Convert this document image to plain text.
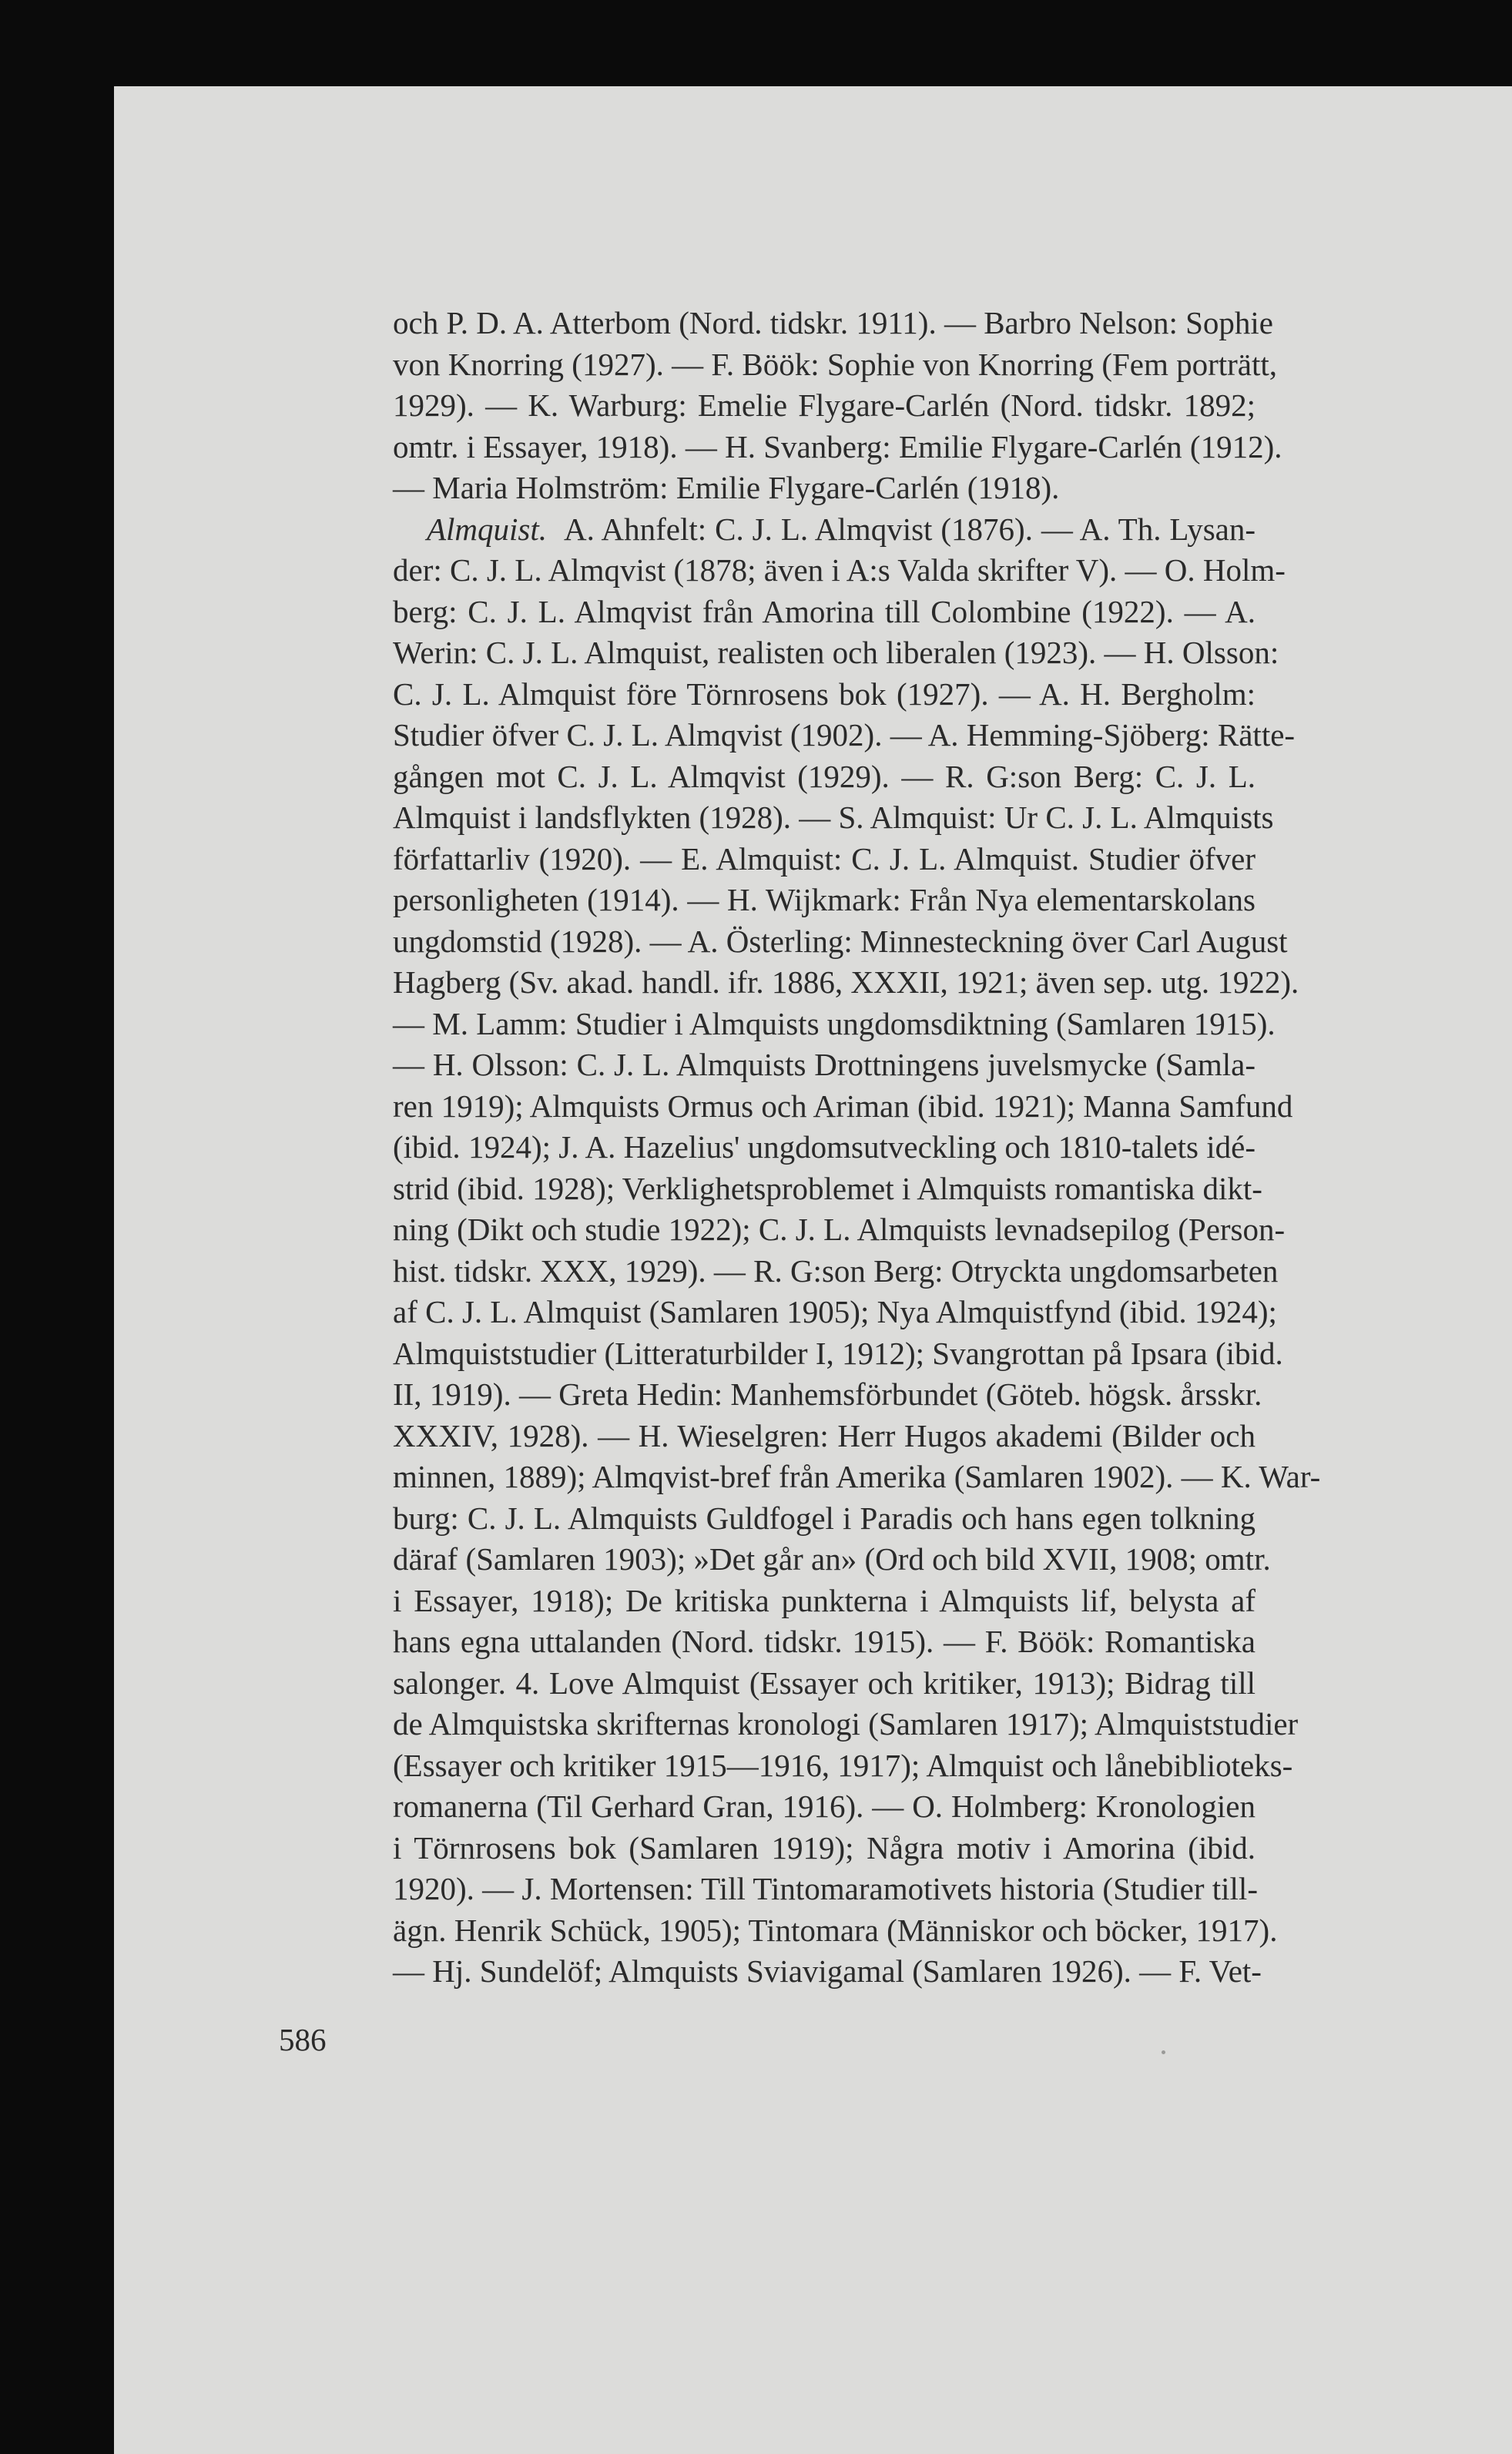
och P. D. A. Atterbom (Nord. tidskr. 1911). — Barbro Nelson: Sophie
von Knorring (1927). — F. Böök: Sophie von Knorring (Fem porträtt,
1929). — K. Warburg: Emelie Flygare-Carlén (Nord. tidskr. 1892;
omtr. i Essayer, 1918). — H. Svanberg: Emilie Flygare-Carlén (1912).
— Maria Holmström: Emilie Flygare-Carlén (1918).
Almquist. A. Ahnfelt: C. J. L. Almqvist (1876). — A. Th. Lysan-
der: C. J. L. Almqvist (1878; även i A:s Valda skrifter V). — O. Holm-
berg: C. J. L. Almqvist från Amorina till Colombine (1922). — A.
Werin: C. J. L. Almquist, realisten och liberalen (1923). — H. Olsson:
C. J. L. Almquist före Törnrosens bok (1927). — A. H. Bergholm:
Studier öfver C. J. L. Almqvist (1902). — A. Hemming-Sjöberg: Rätte-
gången mot C. J. L. Almqvist (1929). — R. G:son Berg: C. J. L.
Almquist i landsflykten (1928). — S. Almquist: Ur C. J. L. Almquists
författarliv (1920). — E. Almquist: C. J. L. Almquist. Studier öfver
personligheten (1914). — H. Wijkmark: Från Nya elementarskolans
ungdomstid (1928). — A. Österling: Minnesteckning över Carl August
Hagberg (Sv. akad. handl. ifr. 1886, XXXII, 1921; även sep. utg. 1922).
— M. Lamm: Studier i Almquists ungdomsdiktning (Samlaren 1915).
— H. Olsson: C. J. L. Almquists Drottningens juvelsmycke (Samla-
ren 1919); Almquists Ormus och Ariman (ibid. 1921); Manna Samfund
(ibid. 1924); J. A. Hazelius' ungdomsutveckling och 1810-talets idé-
strid (ibid. 1928); Verklighetsproblemet i Almquists romantiska dikt-
ning (Dikt och studie 1922); C. J. L. Almquists levnadsepilog (Person-
hist. tidskr. XXX, 1929). — R. G:son Berg: Otryckta ungdomsarbeten
af C. J. L. Almquist (Samlaren 1905); Nya Almquistfynd (ibid. 1924);
Almquiststudier (Litteraturbilder I, 1912); Svangrottan på Ipsara (ibid.
II, 1919). — Greta Hedin: Manhemsförbundet (Göteb. högsk. årsskr.
XXXIV, 1928). — H. Wieselgren: Herr Hugos akademi (Bilder och
minnen, 1889); Almqvist-bref från Amerika (Samlaren 1902). — K. War-
burg: C. J. L. Almquists Guldfogel i Paradis och hans egen tolkning
däraf (Samlaren 1903); »Det går an» (Ord och bild XVII, 1908; omtr.
i Essayer, 1918); De kritiska punkterna i Almquists lif, belysta af
hans egna uttalanden (Nord. tidskr. 1915). — F. Böök: Romantiska
salonger. 4. Love Almquist (Essayer och kritiker, 1913); Bidrag till
de Almquistska skrifternas kronologi (Samlaren 1917); Almquiststudier
(Essayer och kritiker 1915—1916, 1917); Almquist och lånebiblioteks-
romanerna (Til Gerhard Gran, 1916). — O. Holmberg: Kronologien
i Törnrosens bok (Samlaren 1919); Några motiv i Amorina (ibid.
1920). — J. Mortensen: Till Tintomaramotivets historia (Studier till-
ägn. Henrik Schück, 1905); Tintomara (Människor och böcker, 1917).
— Hj. Sundelöf; Almquists Sviavigamal (Samlaren 1926). — F. Vet-
586
